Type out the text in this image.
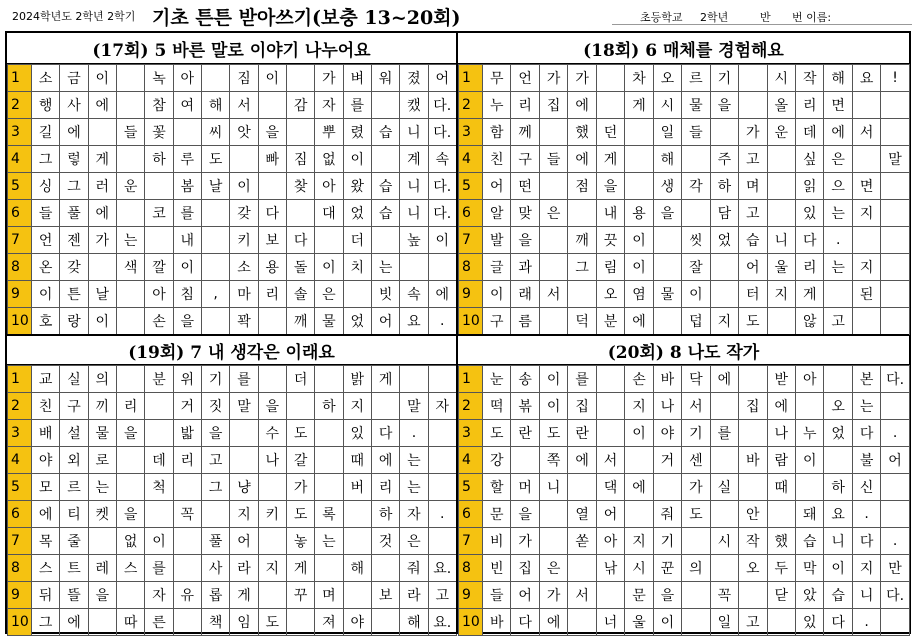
2024학년도 2학년 2학기 기초 튼튼 받아쓰기(보충 13~20회)	초등학교 2학년	반 번 이름:
(17회) 5 바른 말로 이야기 나누어요
1	소	금	이		녹	아		짐	이		가	벼	워	졌	어
2	행	사	에		참	여	해	서		감	자	를		캤	다.
3	길	에		들	꽃		씨	앗	을		뿌	렸	습	니	다.
4	그	렇	게		하	루	도		빠	짐	없	이		계	속
5	싱	그	러	운		봄	날	이		찾	아	왔	습	니	다.
6	들	풀	에		코	를		갖	다		대	었	습	니	다.
7	언	젠	가	는		내		키	보	다		더		높	이
8	온	갖		색	깔	이		소	용	돌	이	치	는		
9	이	튼	날		아	침	,	마	리	솔	은		빗	속	에
10	호	랑	이		손	을		꽉		깨	물	었	어	요	.
(18회) 6 매체를 경험해요
1	무	언	가	가		차	오	르	기		시	작	해	요	!
2	누	리	집	에		게	시	물	을		올	리	면		
3	함	께		했	던		일	들		가	운	데	에	서	
4	친	구	들	에	게		해		주	고		싶	은		말
5	어	떤		점	을		생	각	하	며		읽	으	면	
6	알	맞	은		내	용	을		담	고		있	는	지	
7	발	을		깨	끗	이		씻	었	습	니	다	.		
8	글	과		그	림	이		잘		어	울	리	는	지	
9	이	래	서		오	염	물	이		터	지	게		된	
10	구	름		덕	분	에		덥	지	도		않	고		
(19회) 7 내 생각은 이래요
1	교	실	의		분	위	기	를		더		밝	게		
2	친	구	끼	리		거	짓	말	을		하	지		말	자
3	배	설	물	을		밟	을		수	도		있	다	.	
4	야	외	로		데	리	고		나	갈		때	에	는	
5	모	르	는		척		그	냥		가		버	리	는	
6	에	티	켓	을		꼭		지	키	도	록		하	자	.
7	목	줄		없	이		풀	어		놓	는		것	은	
8	스	트	레	스	를		사	라	지	게		해		줘	요.
9	뒤	뜰	을		자	유	롭	게		꾸	며		보	라	고
10	그	에		따	른		책	임	도		져	야		해	요.
(20회) 8 나도 작가
1	눈	송	이	를		손	바	닥	에		받	아		본	다.
2	떡	볶	이	집		지	나	서		집	에		오	는	
3	도	란	도	란		이	야	기	를		나	누	었	다	.
4	강		쪽	에	서		거	센		바	람	이		불	어
5	할	머	니		댁	에		가	실		때		하	신	
6	문	을		열	어		줘	도		안		돼	요	.	
7	비	가		쏟	아	지	기		시	작	했	습	니	다	.
8	빈	집	은		낚	시	꾼	의		오	두	막	이	지	만
9	들	어	가	서		문	을		꼭		닫	았	습	니	다.
10	바	다	에		너	울	이		일	고		있	다	.	
